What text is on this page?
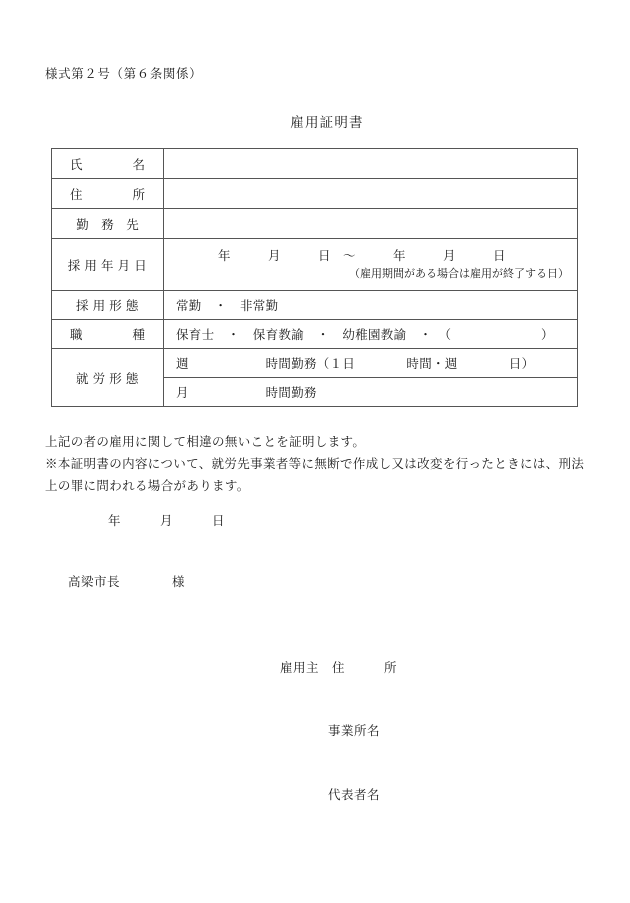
様式第２号（第６条関係）
雇用証明書
氏　　　　名	

住　　　　所	

勤　務　先	

採 用 年 月 日	年　　　月　　　日　～　　　年　　　月　　　日
（雇用期間がある場合は雇用が終了する日）

採 用 形 態	常勤　・　非常勤

職　　　　種	保育士　・　保育教諭　・　幼稚園教諭　・　（　　　　　　　）

就 労 形 態	週　　　　　　時間勤務（１日　　　　時間・週　　　　日）

	月　　　　　　時間勤務
上記の者の雇用に関して相違の無いことを証明します。
※本証明書の内容について、就労先事業者等に無断で作成し又は改変を行ったときには、刑法上の罪に問われる場合があります。
年　　　月　　　日
高梁市長　　　　様

雇用主　住　　　所

事業所名

代表者名
